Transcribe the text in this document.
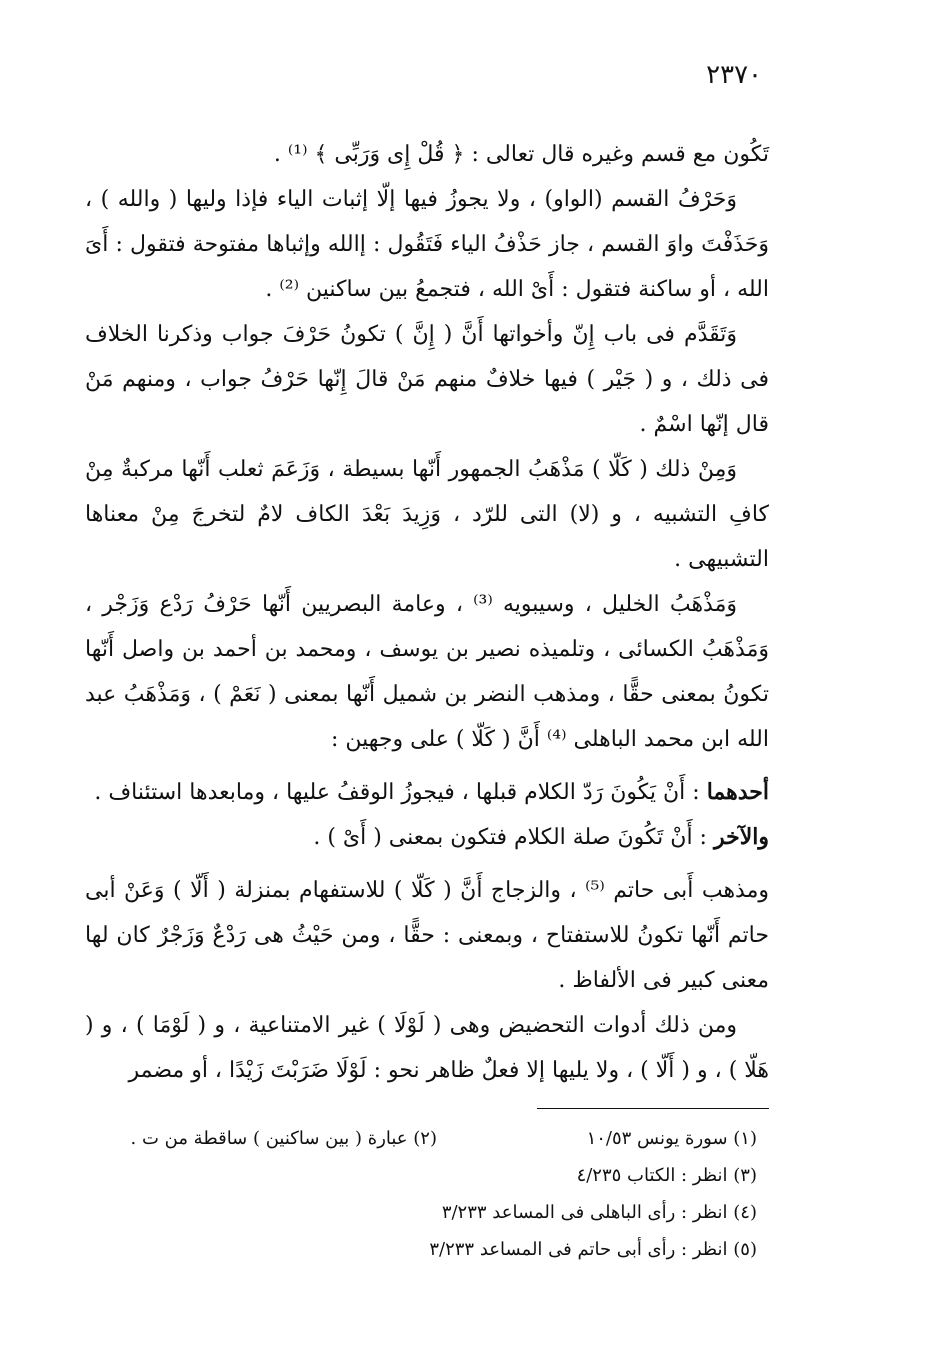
٢٣٧٠

تَكُون مع قسم وغيره قال تعالى : ﴿ قُلْ إِى وَرَبِّى ﴾ ⁽¹⁾ .

وَحَرْفُ القسم (الواو) ، ولا يجوزُ فيها إلّا إثبات الياء فإذا وليها ( والله ) ، وَحَذَفْتَ واوَ القسم ، جاز حَذْفُ الياء فَتَقُول : إالله وإثباها مفتوحة فتقول : أَىَ الله ، أو ساكنة فتقول : أَىْ الله ، فتجمعُ بين ساكنين ⁽²⁾ .

وَتَقَدَّم فى باب إِنّ وأخواتها أَنَّ ( إِنَّ ) تكونُ حَرْفَ جواب وذكرنا الخلاف فى ذلك ، و ( جَيْر ) فيها خلافٌ منهم مَنْ قالَ إِنّها حَرْفُ جواب ، ومنهم مَنْ قال إنّها اسْمٌ .

وَمِنْ ذلك ( كَلّا ) مَذْهَبُ الجمهور أَنّها بسيطة ، وَزَعَمَ ثعلب أَنّها مركبةٌ مِنْ كافِ التشبيه ، و (لا) التى للرّد ، وَزِيدَ بَعْدَ الكاف لامٌ لتخرجَ مِنْ معناها التشبيهى .

وَمَذْهَبُ الخليل ، وسيبويه ⁽³⁾ ، وعامة البصريين أَنّها حَرْفُ رَدْع وَزَجْر ، وَمَذْهَبُ الكسائى ، وتلميذه نصير بن يوسف ، ومحمد بن أحمد بن واصل أَنّها تكونُ بمعنى حقًّا ، ومذهب النضر بن شميل أَنّها بمعنى ( نَعَمْ ) ، وَمَذْهَبُ عبد الله ابن محمد الباهلى ⁽⁴⁾ أَنَّ ( كَلّا ) على وجهين :

أحدهما : أَنْ يَكُونَ رَدّ الكلام قبلها ، فيجوزُ الوقفُ عليها ، ومابعدها استئناف .

والآخر : أَنْ تَكُونَ صلة الكلام فتكون بمعنى ( أَىْ ) .

ومذهب أَبى حاتم ⁽⁵⁾ ، والزجاج أَنَّ ( كَلّا ) للاستفهام بمنزلة ( أَلّا ) وَعَنْ أبى حاتم أَنّها تكونُ للاستفتاح ، وبمعنى : حقًّا ، ومن حَيْثُ هى رَدْعٌ وَزَجْرٌ كان لها معنى كبير فى الألفاظ .

ومن ذلك أدوات التحضيض وهى ( لَوْلَا ) غير الامتناعية ، و ( لَوْمَا ) ، و ( هَلّا ) ، و ( أَلّا ) ، ولا يليها إلا فعلٌ ظاهر نحو : لَوْلَا ضَرَبْتَ زَيْدًا ، أو مضمر

(١) سورة يونس ١٠/٥٣
(٢) عبارة ( بين ساكنين ) ساقطة من ت .
(٣) انظر : الكتاب ٤/٢٣٥
(٤) انظر : رأى الباهلى فى المساعد ٣/٢٣٣
(٥) انظر : رأى أبى حاتم فى المساعد ٣/٢٣٣
